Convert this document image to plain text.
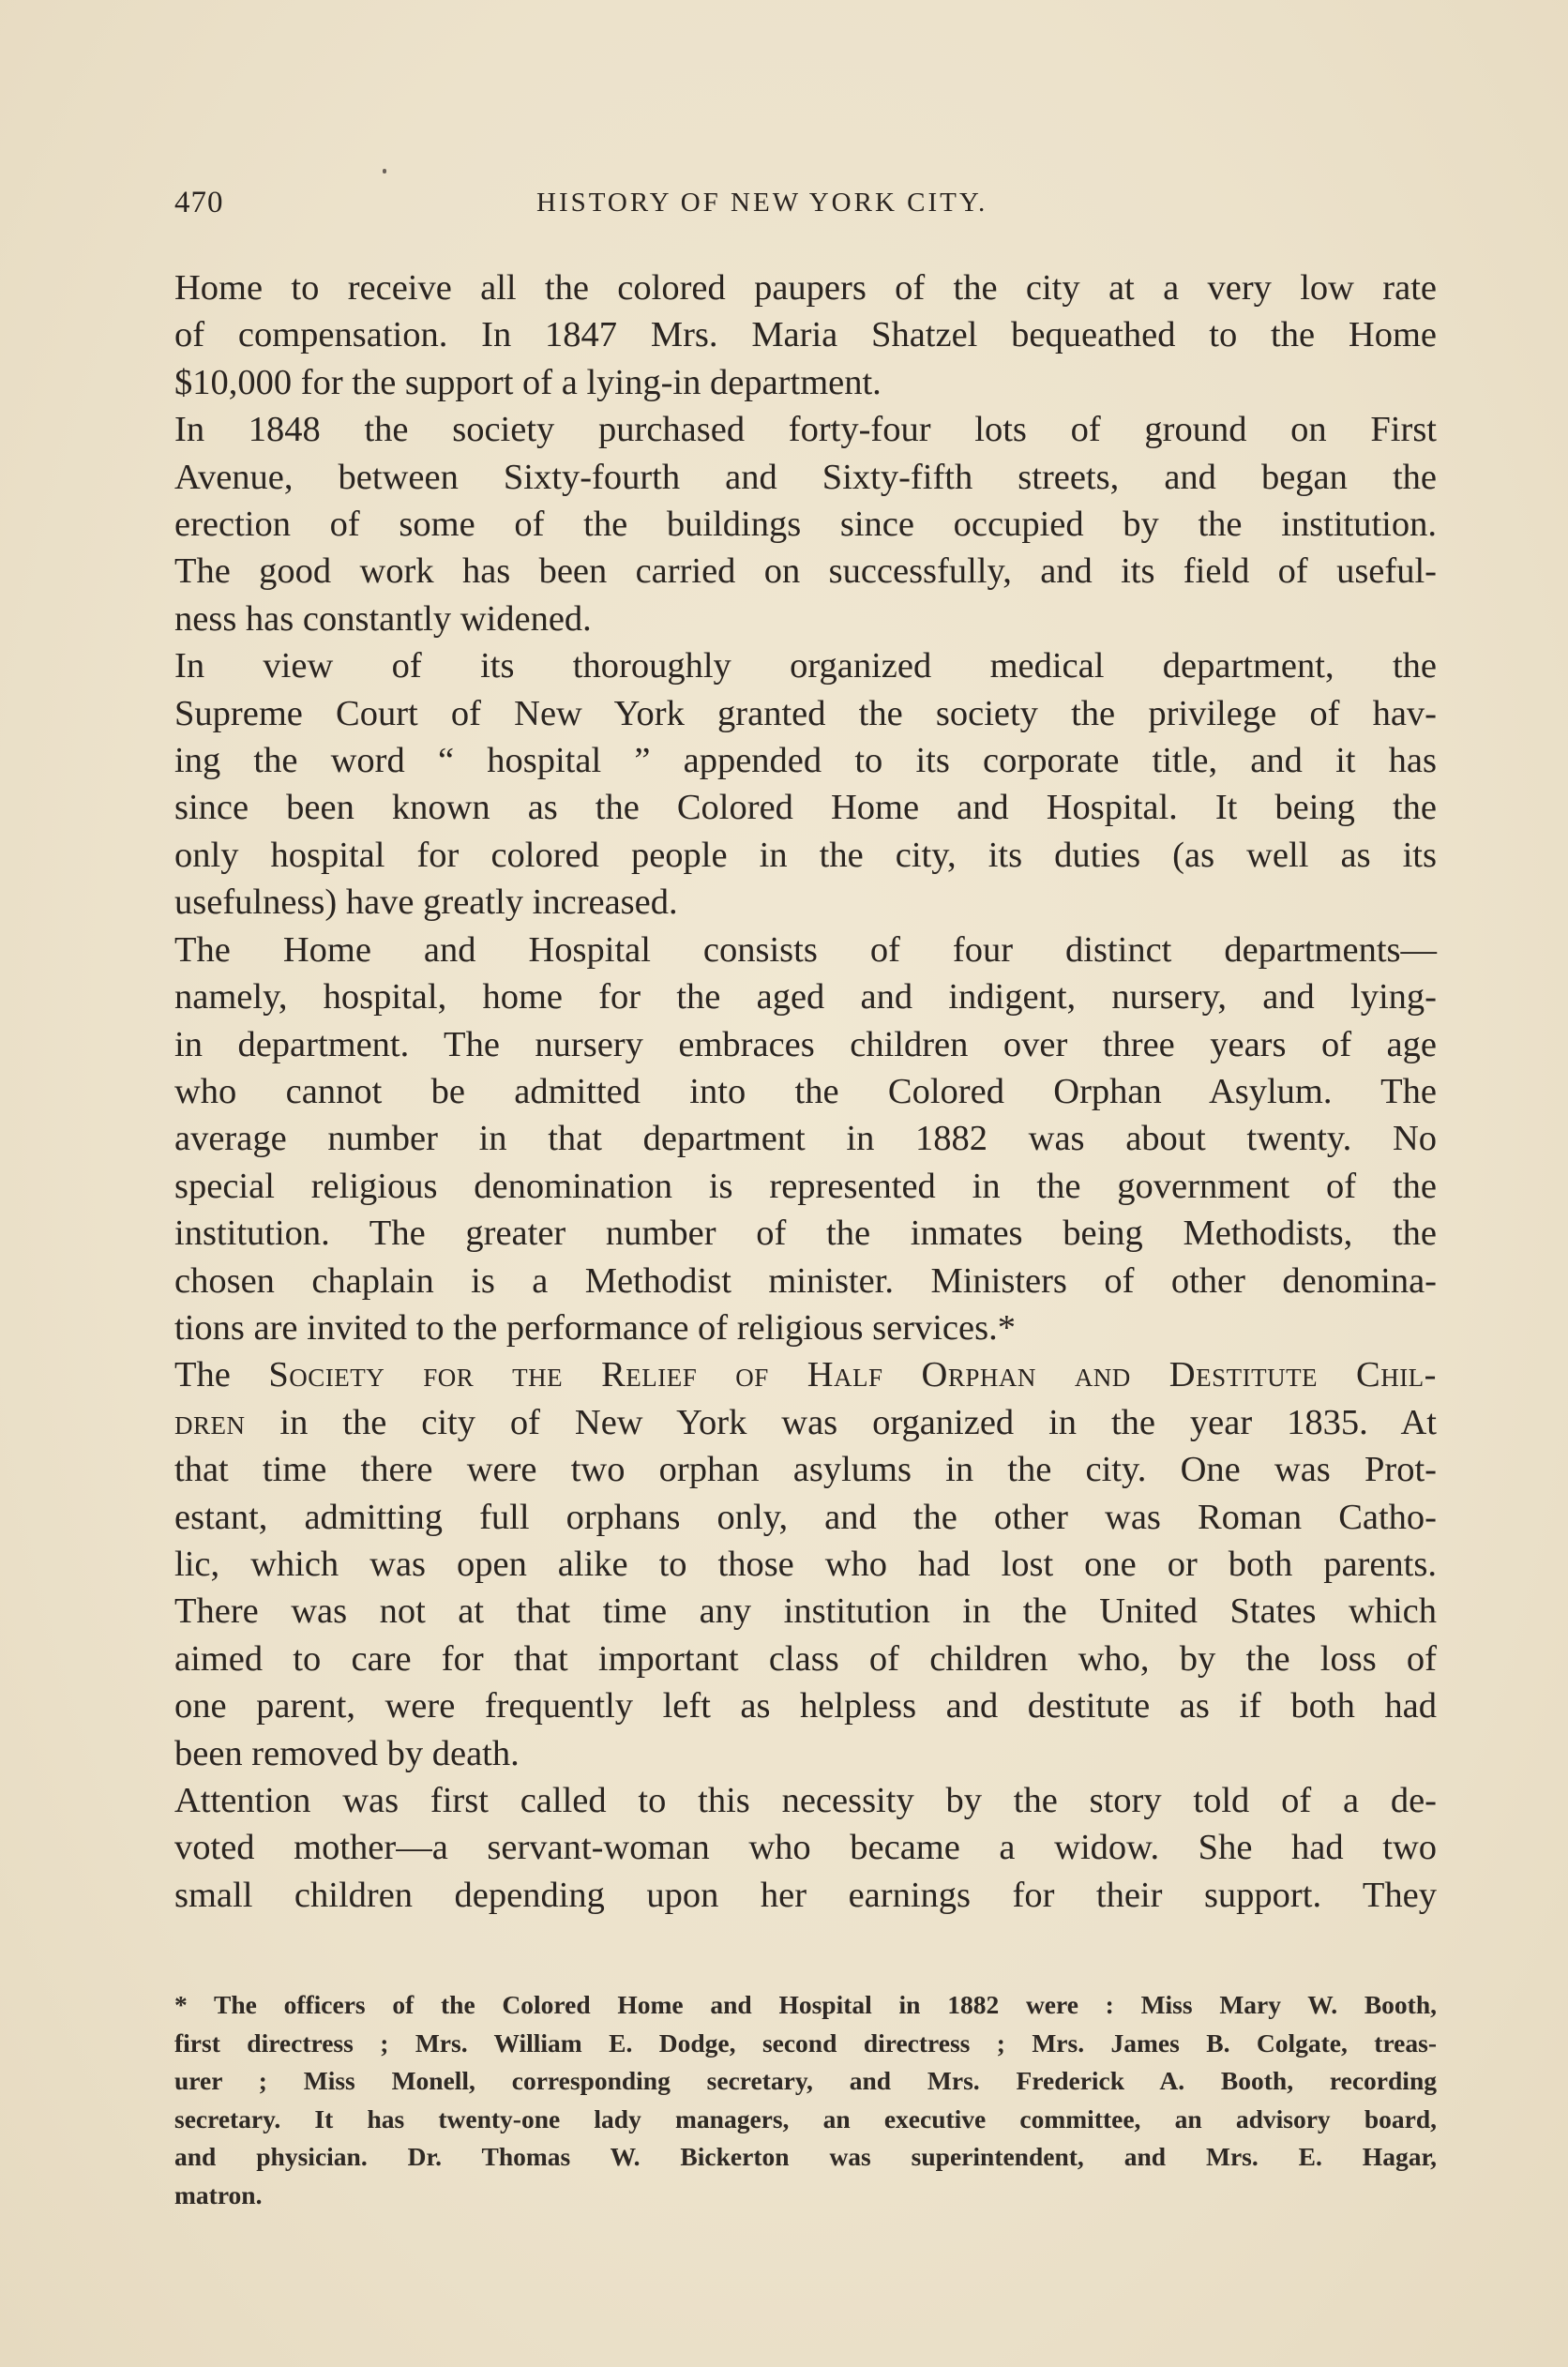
470	HISTORY OF NEW YORK CITY.
Home to receive all the colored paupers of the city at a very low rate
of compensation. In 1847 Mrs. Maria Shatzel bequeathed to the Home
$10,000 for the support of a lying-in department.
In 1848 the society purchased forty-four lots of ground on First
Avenue, between Sixty-fourth and Sixty-fifth streets, and began the
erection of some of the buildings since occupied by the institution.
The good work has been carried on successfully, and its field of useful-
ness has constantly widened.
In view of its thoroughly organized medical department, the
Supreme Court of New York granted the society the privilege of hav-
ing the word “ hospital ” appended to its corporate title, and it has
since been known as the Colored Home and Hospital. It being the
only hospital for colored people in the city, its duties (as well as its
usefulness) have greatly increased.
The Home and Hospital consists of four distinct departments—
namely, hospital, home for the aged and indigent, nursery, and lying-
in department. The nursery embraces children over three years of age
who cannot be admitted into the Colored Orphan Asylum. The
average number in that department in 1882 was about twenty. No
special religious denomination is represented in the government of the
institution. The greater number of the inmates being Methodists, the
chosen chaplain is a Methodist minister. Ministers of other denomina-
tions are invited to the performance of religious services.*
The Society for the Relief of Half Orphan and Destitute Chil-
dren in the city of New York was organized in the year 1835. At
that time there were two orphan asylums in the city. One was Prot-
estant, admitting full orphans only, and the other was Roman Catho-
lic, which was open alike to those who had lost one or both parents.
There was not at that time any institution in the United States which
aimed to care for that important class of children who, by the loss of
one parent, were frequently left as helpless and destitute as if both had
been removed by death.
Attention was first called to this necessity by the story told of a de-
voted mother—a servant-woman who became a widow. She had two
small children depending upon her earnings for their support. They
* The officers of the Colored Home and Hospital in 1882 were : Miss Mary W. Booth,
first directress ; Mrs. William E. Dodge, second directress ; Mrs. James B. Colgate, treas-
urer ; Miss Monell, corresponding secretary, and Mrs. Frederick A. Booth, recording
secretary. It has twenty-one lady managers, an executive committee, an advisory board,
and physician. Dr. Thomas W. Bickerton was superintendent, and Mrs. E. Hagar,
matron.
